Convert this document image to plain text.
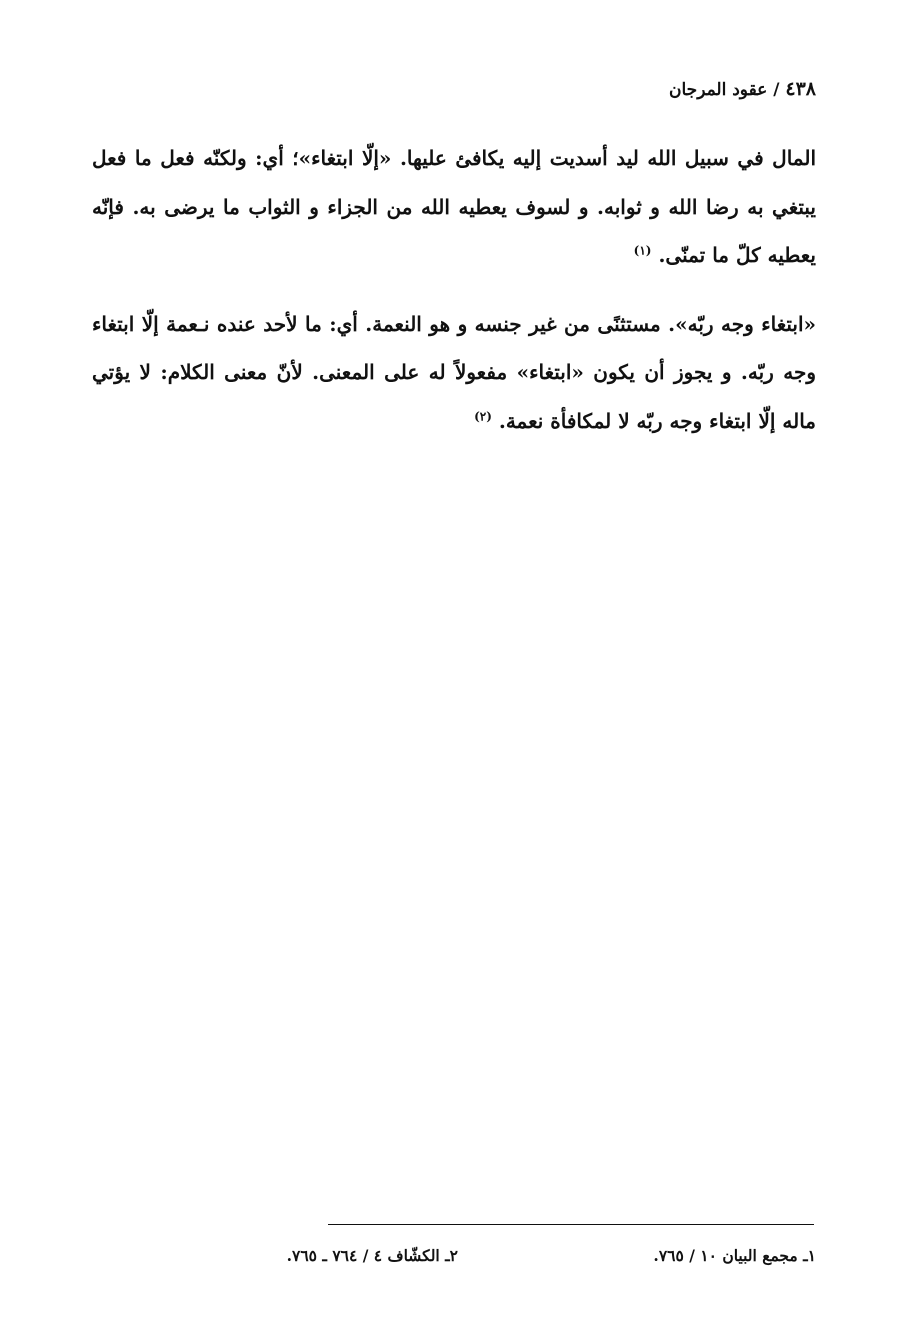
٤٣٨ / عقود المرجان

المال في سبيل الله ليد أسديت إليه يكافئ عليها. «إلّا ابتغاء»؛ أي: ولكنّه فعل ما فعل يبتغي به رضا الله و ثوابه. و لسوف يعطيه الله من الجزاء و الثواب ما يرضى به. فإنّه يعطيه كلّ ما تمنّى. $^{(١)}$

«ابتغاء وجه ربّه». مستثنًى من غير جنسه و هو النعمة. أي: ما لأحد عنده نـعمة إلّا ابتغاء وجه ربّه. و يجوز أن يكون «ابتغاء» مفعولاً له على المعنى. لأنّ معنى الكلام: لا يؤتي ماله إلّا ابتغاء وجه ربّه لا لمكافأة نعمة. $^{(٢)}$

١ـ مجمع البيان ١٠ / ٧٦٥.
٢ـ الكشّاف ٤ / ٧٦٤ ـ ٧٦٥.
